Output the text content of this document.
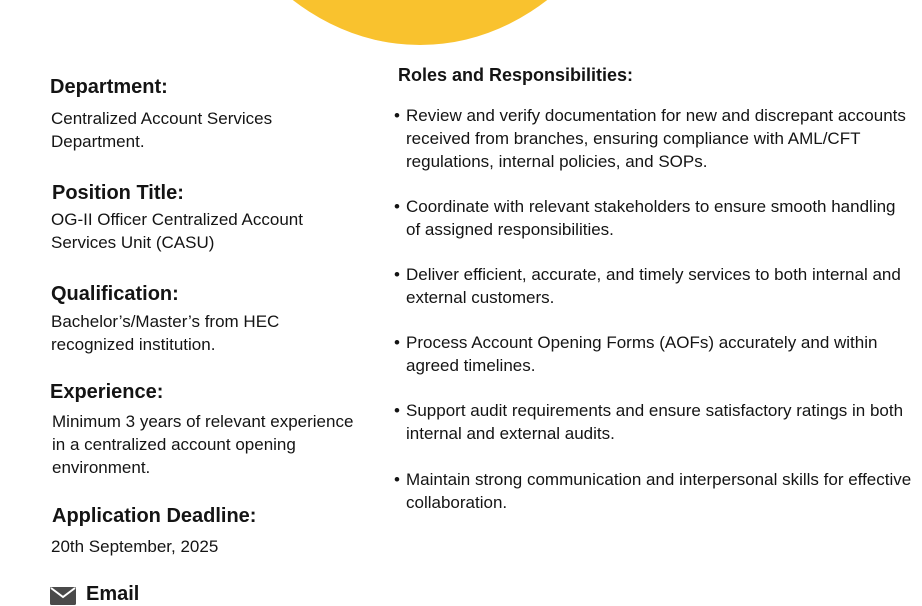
Department:

Centralized Account Services Department.

Position Title:

OG-II Officer Centralized Account Services Unit (CASU)

Qualification:

Bachelor’s/Master’s from HEC recognized institution.

Experience:

Minimum 3 years of relevant experience in a centralized account opening environment.

Application Deadline:

20th September, 2025

Email
Roles and Responsibilities:
• Review and verify documentation for new and discrepant accounts received from branches, ensuring compliance with AML/CFT regulations, internal policies, and SOPs.
• Coordinate with relevant stakeholders to ensure smooth handling of assigned responsibilities.
• Deliver efficient, accurate, and timely services to both internal and external customers.
• Process Account Opening Forms (AOFs) accurately and within agreed timelines.
• Support audit requirements and ensure satisfactory ratings in both internal and external audits.
• Maintain strong communication and interpersonal skills for effective collaboration.
